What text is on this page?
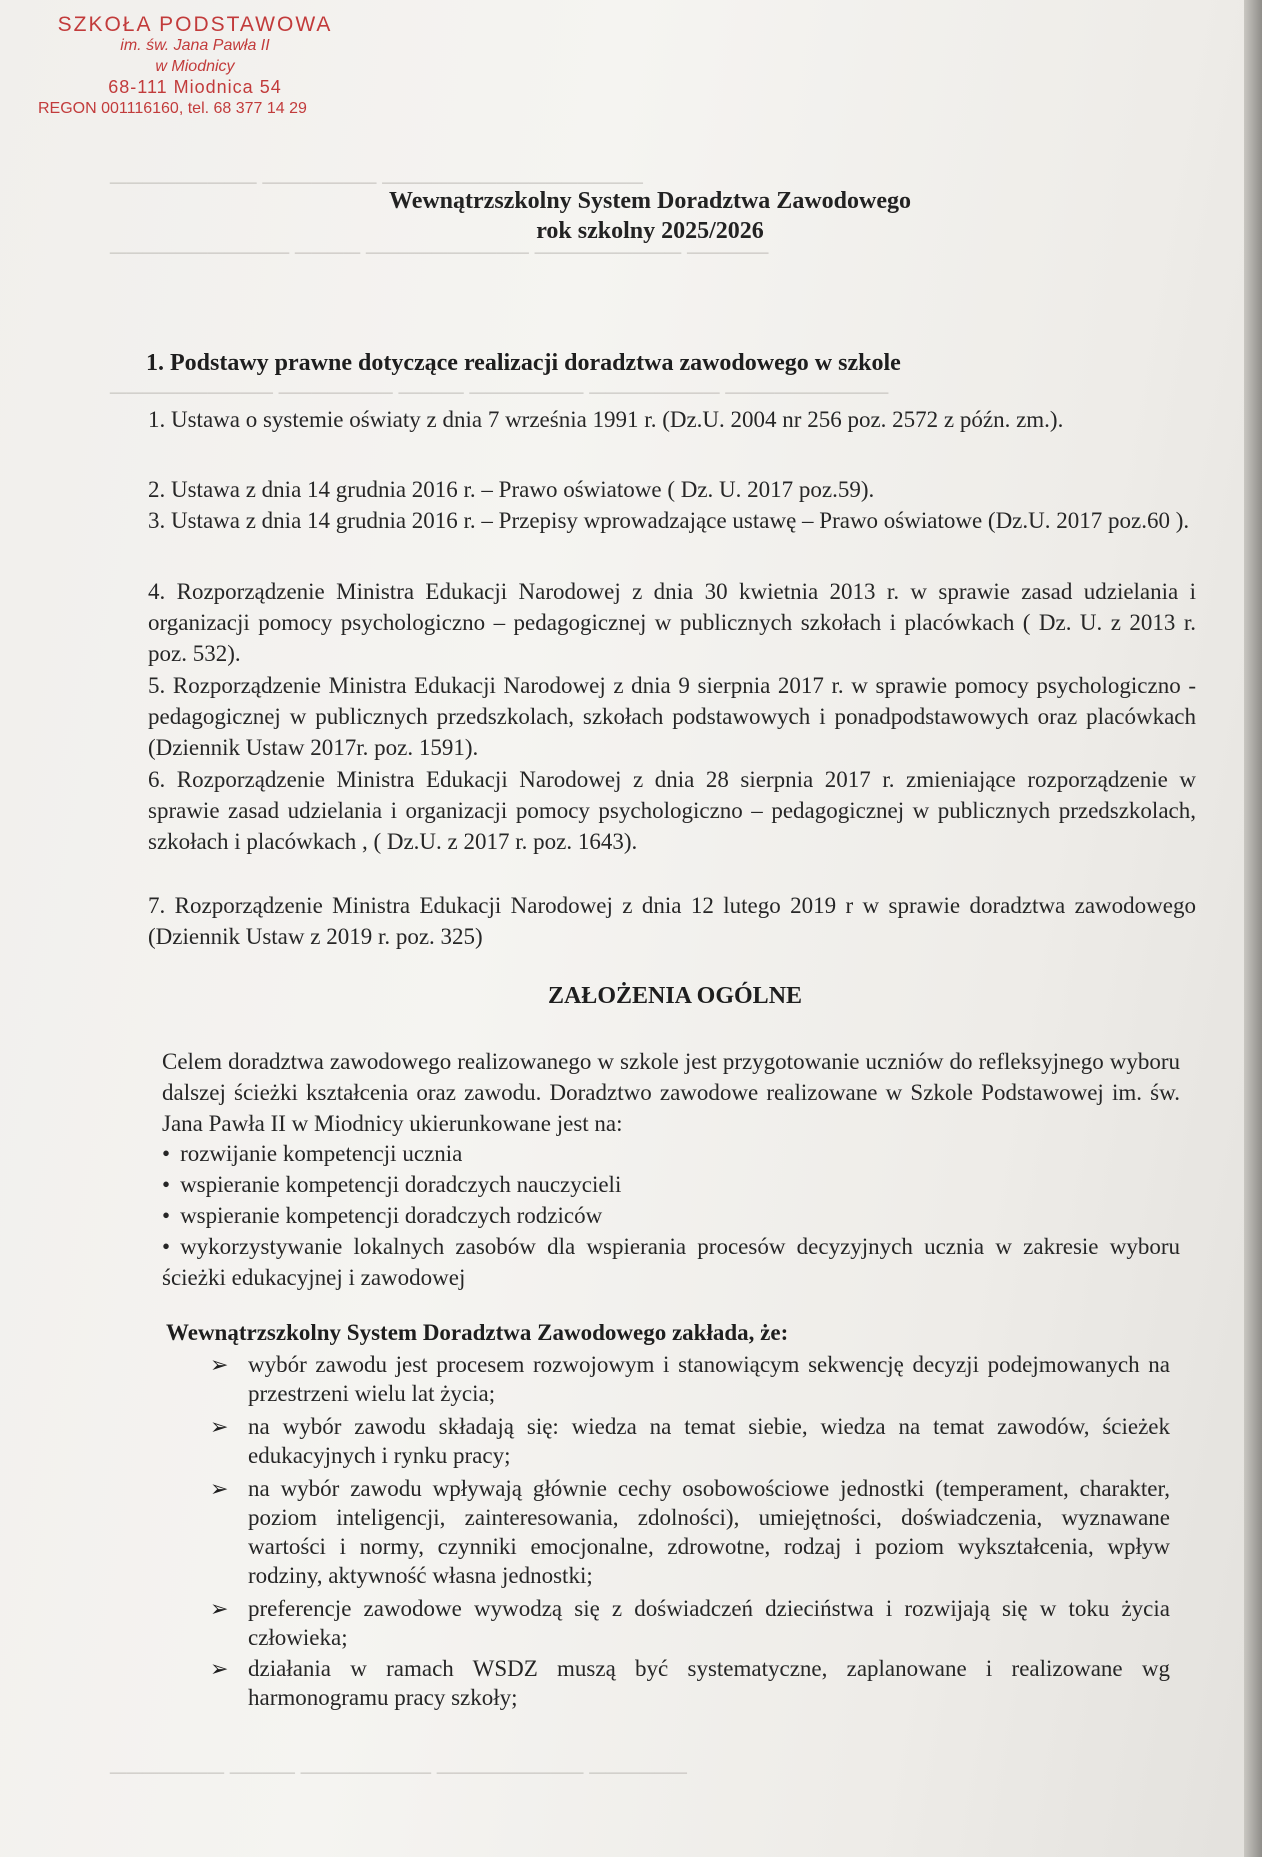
──────────────── ─────── ─────────
───── ───────── ────────── ──── ───────────
────────── ──────── ─────── ──── ─────── ──────────
────── ───────── ──────── ──── ───────
SZKOŁA PODSTAWOWA
im. św. Jana Pawła II
w Miodnicy
68-111 Miodnica 54
REGON 001116160, tel. 68 377 14 29
Wewnątrzszkolny System Doradztwa Zawodowego
rok szkolny 2025/2026
1. Podstawy prawne dotyczące realizacji doradztwa zawodowego w szkole
1. Ustawa o systemie oświaty z dnia 7 września 1991 r. (Dz.U. 2004 nr 256 poz. 2572 z późn. zm.).
2. Ustawa z dnia 14 grudnia 2016 r. – Prawo oświatowe ( Dz. U. 2017 poz.59).
3. Ustawa z dnia 14 grudnia 2016 r. – Przepisy wprowadzające ustawę – Prawo oświatowe (Dz.U. 2017 poz.60 ).
4. Rozporządzenie Ministra Edukacji Narodowej z dnia 30 kwietnia 2013 r. w sprawie zasad udzielania i organizacji pomocy psychologiczno – pedagogicznej w publicznych szkołach i placówkach ( Dz. U. z 2013 r. poz. 532).
5. Rozporządzenie Ministra Edukacji Narodowej z dnia 9 sierpnia 2017 r. w sprawie pomocy psychologiczno - pedagogicznej w publicznych przedszkolach, szkołach podstawowych i ponadpodstawowych oraz placówkach (Dziennik Ustaw 2017r. poz. 1591).
6. Rozporządzenie Ministra Edukacji Narodowej z dnia 28 sierpnia 2017 r. zmieniające rozporządzenie w sprawie zasad udzielania i organizacji pomocy psychologiczno – pedagogicznej w publicznych przedszkolach, szkołach i placówkach , ( Dz.U. z 2017 r. poz. 1643).
7. Rozporządzenie Ministra Edukacji Narodowej z dnia 12 lutego 2019 r w sprawie doradztwa zawodowego (Dziennik Ustaw z 2019 r. poz. 325)
ZAŁOŻENIA OGÓLNE
Celem doradztwa zawodowego realizowanego w szkole jest przygotowanie uczniów do refleksyjnego wyboru dalszej ścieżki kształcenia oraz zawodu. Doradztwo zawodowe realizowane w Szkole Podstawowej im. św. Jana Pawła II w Miodnicy ukierunkowane jest na:
• rozwijanie kompetencji ucznia
• wspieranie kompetencji doradczych nauczycieli
• wspieranie kompetencji doradczych rodziców
• wykorzystywanie lokalnych zasobów dla wspierania procesów decyzyjnych ucznia w zakresie wyboru ścieżki edukacyjnej i zawodowej
Wewnątrzszkolny System Doradztwa Zawodowego zakłada, że:
➢ wybór zawodu jest procesem rozwojowym i stanowiącym sekwencję decyzji podejmowanych na przestrzeni wielu lat życia;
➢ na wybór zawodu składają się: wiedza na temat siebie, wiedza na temat zawodów, ścieżek edukacyjnych i rynku pracy;
➢ na wybór zawodu wpływają głównie cechy osobowościowe jednostki (temperament, charakter, poziom inteligencji, zainteresowania, zdolności), umiejętności, doświadczenia, wyznawane wartości i normy, czynniki emocjonalne, zdrowotne, rodzaj i poziom wykształcenia, wpływ rodziny, aktywność własna jednostki;
➢ preferencje zawodowe wywodzą się z doświadczeń dzieciństwa i rozwijają się w toku życia człowieka;
➢ działania w ramach WSDZ muszą być systematyczne, zaplanowane i realizowane wg harmonogramu pracy szkoły;
